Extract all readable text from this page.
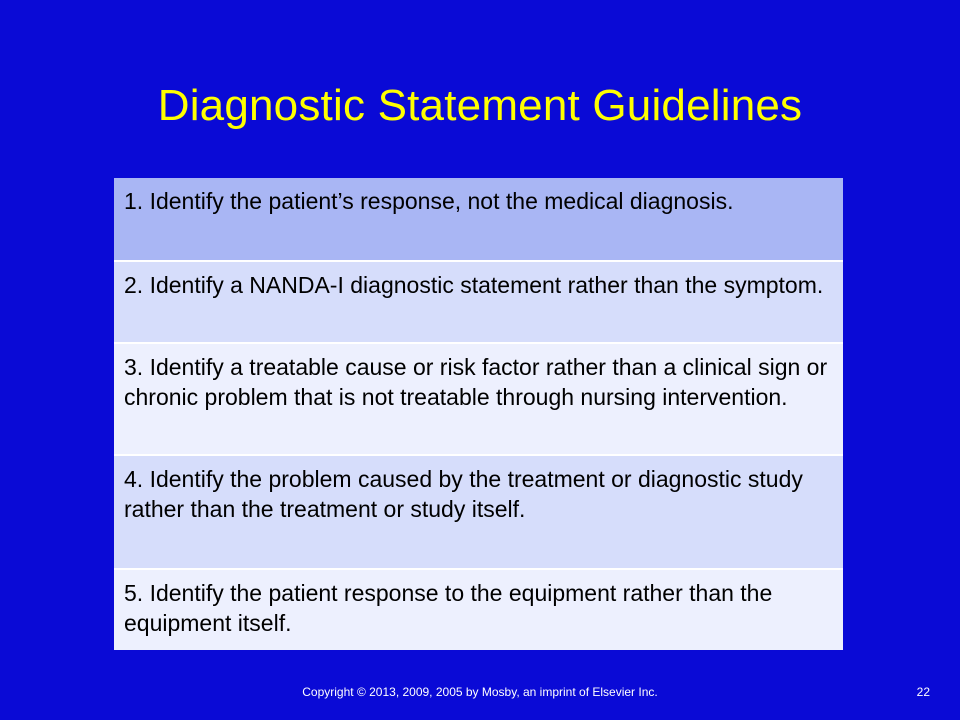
Diagnostic Statement Guidelines
1. Identify the patient’s response, not the medical diagnosis.
2. Identify a NANDA-I diagnostic statement rather than the symptom.
3. Identify a treatable cause or risk factor rather than a clinical sign or chronic problem that is not treatable through nursing intervention.
4. Identify the problem caused by the treatment or diagnostic study rather than the treatment or study itself.
5. Identify the patient response to the equipment rather than the equipment itself.
Copyright © 2013, 2009, 2005 by Mosby, an imprint of Elsevier Inc.	22
